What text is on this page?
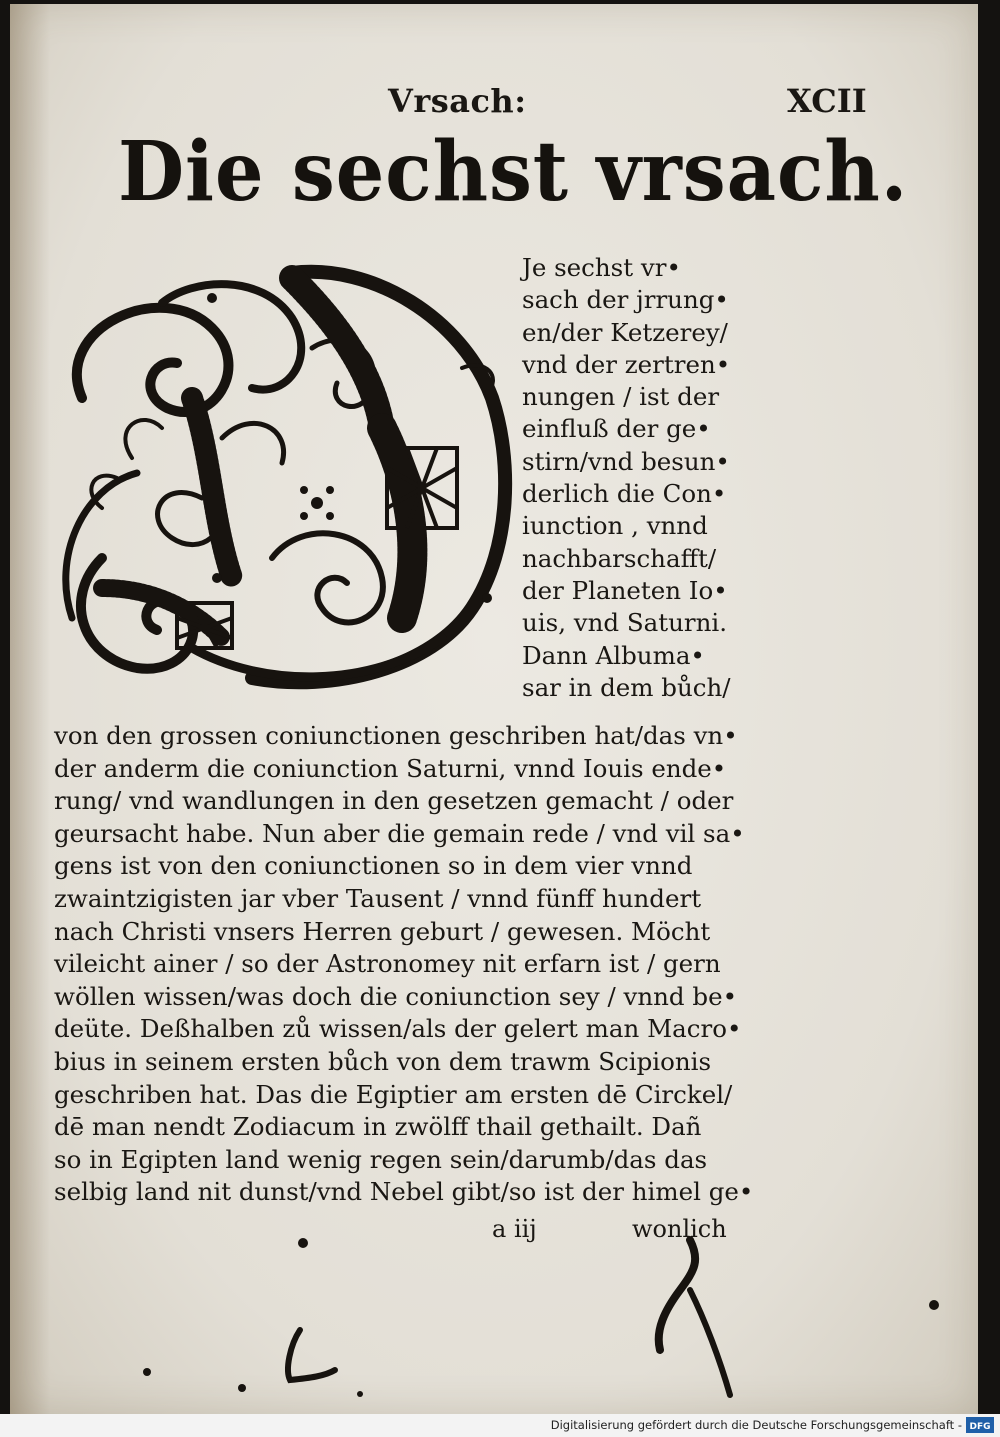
Vrsach:	XCII
Die sechst vrsach.
Je sechst vr•
sach der jrrung•
en/der Ketzerey/
vnd der zertren•
nungen / ist der
einfluß der ge•
stirn/vnd besun•
derlich die Con•
iunction , vnnd
nachbarschafft/
der Planeten Io•
uis, vnd Saturni.
Dann Albuma•
sar in dem bůch/
von den grossen coniunctionen geschriben hat/das vn•
der anderm die coniunction Saturni, vnnd Iouis ende•
rung/ vnd wandlungen in den gesetzen gemacht / oder
geursacht habe. Nun aber die gemain rede / vnd vil sa•
gens ist von den coniunctionen so in dem vier vnnd
zwaintzigisten jar vber Tausent / vnnd fünff hundert
nach Christi vnsers Herren geburt / gewesen. Möcht
vileicht ainer / so der Astronomey nit erfarn ist / gern
wöllen wissen/was doch die coniunction sey / vnnd be•
deüte. Deßhalben zů wissen/als der gelert man Macro•
bius in seinem ersten bůch von dem trawm Scipionis
geschriben hat. Das die Egiptier am ersten dē Circkel/
dē man nendt Zodiacum in zwölff thail gethailt. Dañ
so in Egipten land wenig regen sein/darumb/das das
selbig land nit dunst/vnd Nebel gibt/so ist der himel ge•
a iij	wonlich
Digitalisierung gefördert durch die Deutsche Forschungsgemeinschaft - DFG
